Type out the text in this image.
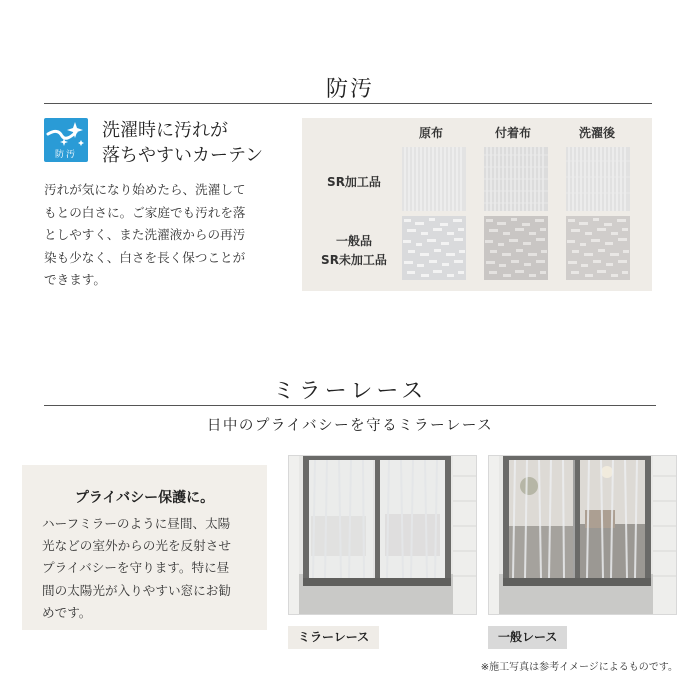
防汚
防汚
洗濯時に汚れが
落ちやすいカーテン
汚れが気になり始めたら、洗濯して
もとの白さに。ご家庭でも汚れを落
としやすく、また洗濯液からの再汚
染も少なく、白さを長く保つことが
できます。
原布	付着布	洗濯後
SR加工品
一般品
SR未加工品
ミラーレース
日中のプライバシーを守るミラーレース
プライバシー保護に。
ハーフミラーのように昼間、太陽
光などの室外からの光を反射させ
プライバシーを守ります。特に昼
間の太陽光が入りやすい窓にお勧
めです。
ミラーレース	一般レース
※施工写真は参考イメージによるものです。
